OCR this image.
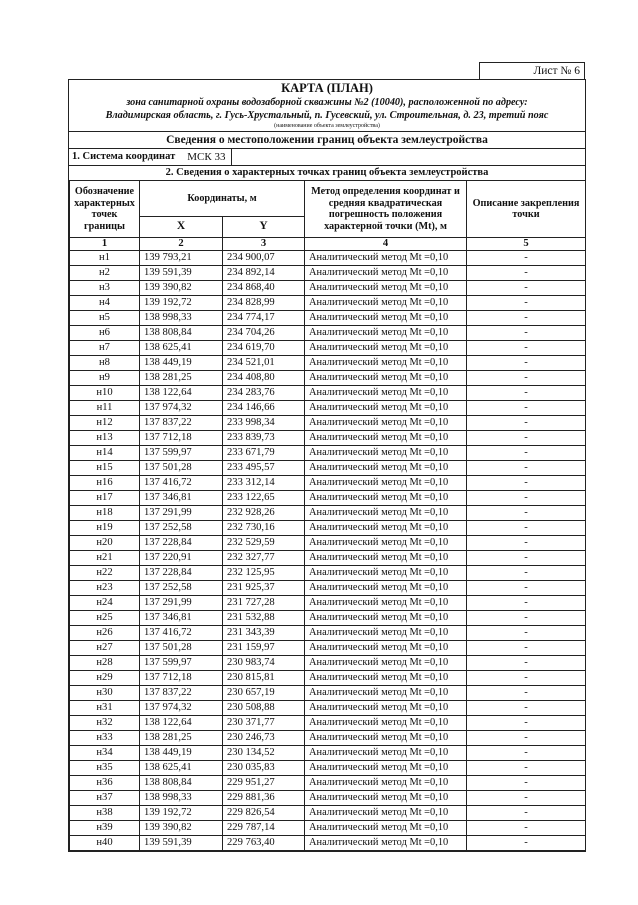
Лист № 6
КАРТА (ПЛАН)
зона санитарной охраны водозаборной скважины №2 (10040), расположенной по адресу:
Владимирская область, г. Гусь-Хрустальный, п. Гусевский, ул. Строительная, д. 23, третий пояс
(наименование объекта землеустройства)
Сведения о местоположении границ объекта землеустройства
1. Система координат МСК 33
2. Сведения о характерных точках границ объекта землеустройства
Обозначение характерных точек границы	Координаты, м		Метод определения координат и средняя квадратическая погрешность положения характерной точки (Mt), м	Описание закрепления точки
	X	Y		
1	2	3	4	5
н1	139 793,21	234 900,07	Аналитический метод Mt =0,10	-
н2	139 591,39	234 892,14	Аналитический метод Mt =0,10	-
н3	139 390,82	234 868,40	Аналитический метод Mt =0,10	-
н4	139 192,72	234 828,99	Аналитический метод Mt =0,10	-
н5	138 998,33	234 774,17	Аналитический метод Mt =0,10	-
н6	138 808,84	234 704,26	Аналитический метод Mt =0,10	-
н7	138 625,41	234 619,70	Аналитический метод Mt =0,10	-
н8	138 449,19	234 521,01	Аналитический метод Mt =0,10	-
н9	138 281,25	234 408,80	Аналитический метод Mt =0,10	-
н10	138 122,64	234 283,76	Аналитический метод Mt =0,10	-
н11	137 974,32	234 146,66	Аналитический метод Mt =0,10	-
н12	137 837,22	233 998,34	Аналитический метод Mt =0,10	-
н13	137 712,18	233 839,73	Аналитический метод Mt =0,10	-
н14	137 599,97	233 671,79	Аналитический метод Mt =0,10	-
н15	137 501,28	233 495,57	Аналитический метод Mt =0,10	-
н16	137 416,72	233 312,14	Аналитический метод Mt =0,10	-
н17	137 346,81	233 122,65	Аналитический метод Mt =0,10	-
н18	137 291,99	232 928,26	Аналитический метод Mt =0,10	-
н19	137 252,58	232 730,16	Аналитический метод Mt =0,10	-
н20	137 228,84	232 529,59	Аналитический метод Mt =0,10	-
н21	137 220,91	232 327,77	Аналитический метод Mt =0,10	-
н22	137 228,84	232 125,95	Аналитический метод Mt =0,10	-
н23	137 252,58	231 925,37	Аналитический метод Mt =0,10	-
н24	137 291,99	231 727,28	Аналитический метод Mt =0,10	-
н25	137 346,81	231 532,88	Аналитический метод Mt =0,10	-
н26	137 416,72	231 343,39	Аналитический метод Mt =0,10	-
н27	137 501,28	231 159,97	Аналитический метод Mt =0,10	-
н28	137 599,97	230 983,74	Аналитический метод Mt =0,10	-
н29	137 712,18	230 815,81	Аналитический метод Mt =0,10	-
н30	137 837,22	230 657,19	Аналитический метод Mt =0,10	-
н31	137 974,32	230 508,88	Аналитический метод Mt =0,10	-
н32	138 122,64	230 371,77	Аналитический метод Mt =0,10	-
н33	138 281,25	230 246,73	Аналитический метод Mt =0,10	-
н34	138 449,19	230 134,52	Аналитический метод Mt =0,10	-
н35	138 625,41	230 035,83	Аналитический метод Mt =0,10	-
н36	138 808,84	229 951,27	Аналитический метод Mt =0,10	-
н37	138 998,33	229 881,36	Аналитический метод Mt =0,10	-
н38	139 192,72	229 826,54	Аналитический метод Mt =0,10	-
н39	139 390,82	229 787,14	Аналитический метод Mt =0,10	-
н40	139 591,39	229 763,40	Аналитический метод Mt =0,10	-
